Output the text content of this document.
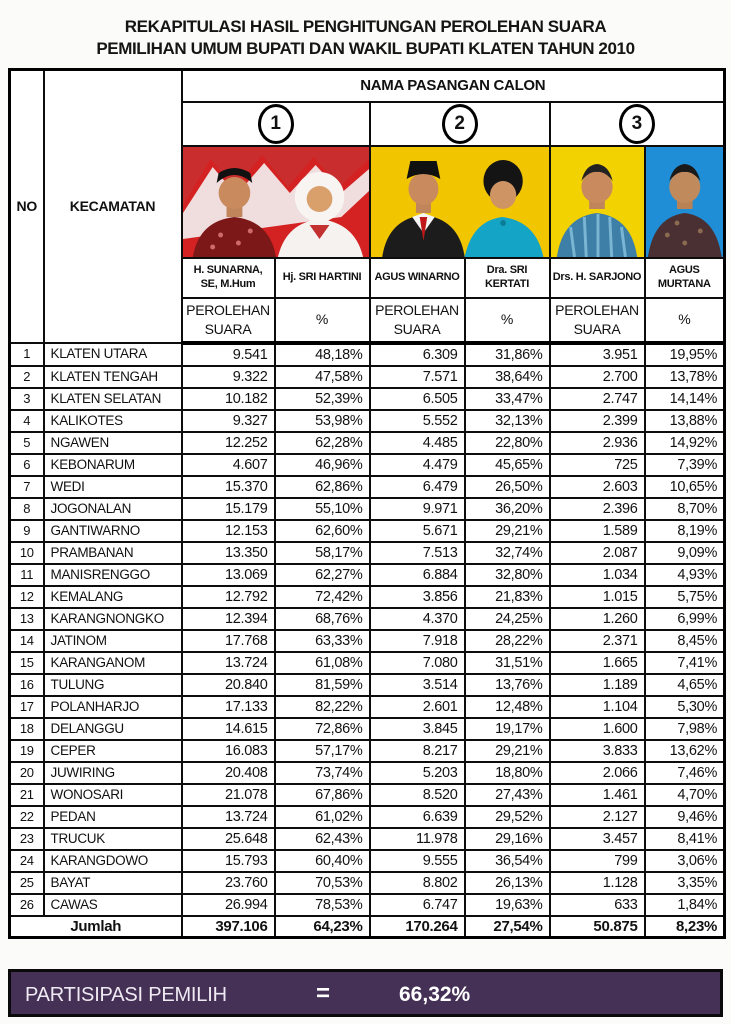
REKAPITULASI HASIL PENGHITUNGAN PEROLEHAN SUARA
PEMILIHAN UMUM BUPATI DAN WAKIL BUPATI KLATEN TAHUN 2010
NO	KECAMATAN	NAMA PASANGAN CALON					
		1		2		3	

		H. SUNARNA, SE, M.Hum	Hj. SRI HARTINI	AGUS WINARNO	Dra. SRI KERTATI	Drs. H. SARJONO	AGUS MURTANA
		PEROLEHAN SUARA	%	PEROLEHAN SUARA	%	PEROLEHAN SUARA	%
1	KLATEN UTARA	9.541	48,18%	6.309	31,86%	3.951	19,95%
2	KLATEN TENGAH	9.322	47,58%	7.571	38,64%	2.700	13,78%
3	KLATEN SELATAN	10.182	52,39%	6.505	33,47%	2.747	14,14%
4	KALIKOTES	9.327	53,98%	5.552	32,13%	2.399	13,88%
5	NGAWEN	12.252	62,28%	4.485	22,80%	2.936	14,92%
6	KEBONARUM	4.607	46,96%	4.479	45,65%	725	7,39%
7	WEDI	15.370	62,86%	6.479	26,50%	2.603	10,65%
8	JOGONALAN	15.179	55,10%	9.971	36,20%	2.396	8,70%
9	GANTIWARNO	12.153	62,60%	5.671	29,21%	1.589	8,19%
10	PRAMBANAN	13.350	58,17%	7.513	32,74%	2.087	9,09%
11	MANISRENGGO	13.069	62,27%	6.884	32,80%	1.034	4,93%
12	KEMALANG	12.792	72,42%	3.856	21,83%	1.015	5,75%
13	KARANGNONGKO	12.394	68,76%	4.370	24,25%	1.260	6,99%
14	JATINOM	17.768	63,33%	7.918	28,22%	2.371	8,45%
15	KARANGANOM	13.724	61,08%	7.080	31,51%	1.665	7,41%
16	TULUNG	20.840	81,59%	3.514	13,76%	1.189	4,65%
17	POLANHARJO	17.133	82,22%	2.601	12,48%	1.104	5,30%
18	DELANGGU	14.615	72,86%	3.845	19,17%	1.600	7,98%
19	CEPER	16.083	57,17%	8.217	29,21%	3.833	13,62%
20	JUWIRING	20.408	73,74%	5.203	18,80%	2.066	7,46%
21	WONOSARI	21.078	67,86%	8.520	27,43%	1.461	4,70%
22	PEDAN	13.724	61,02%	6.639	29,52%	2.127	9,46%
23	TRUCUK	25.648	62,43%	11.978	29,16%	3.457	8,41%
24	KARANGDOWO	15.793	60,40%	9.555	36,54%	799	3,06%
25	BAYAT	23.760	70,53%	8.802	26,13%	1.128	3,35%
26	CAWAS	26.994	78,53%	6.747	19,63%	633	1,84%
Jumlah		397.106	64,23%	170.264	27,54%	50.875	8,23%
PARTISIPASI PEMILIH	=	66,32%
